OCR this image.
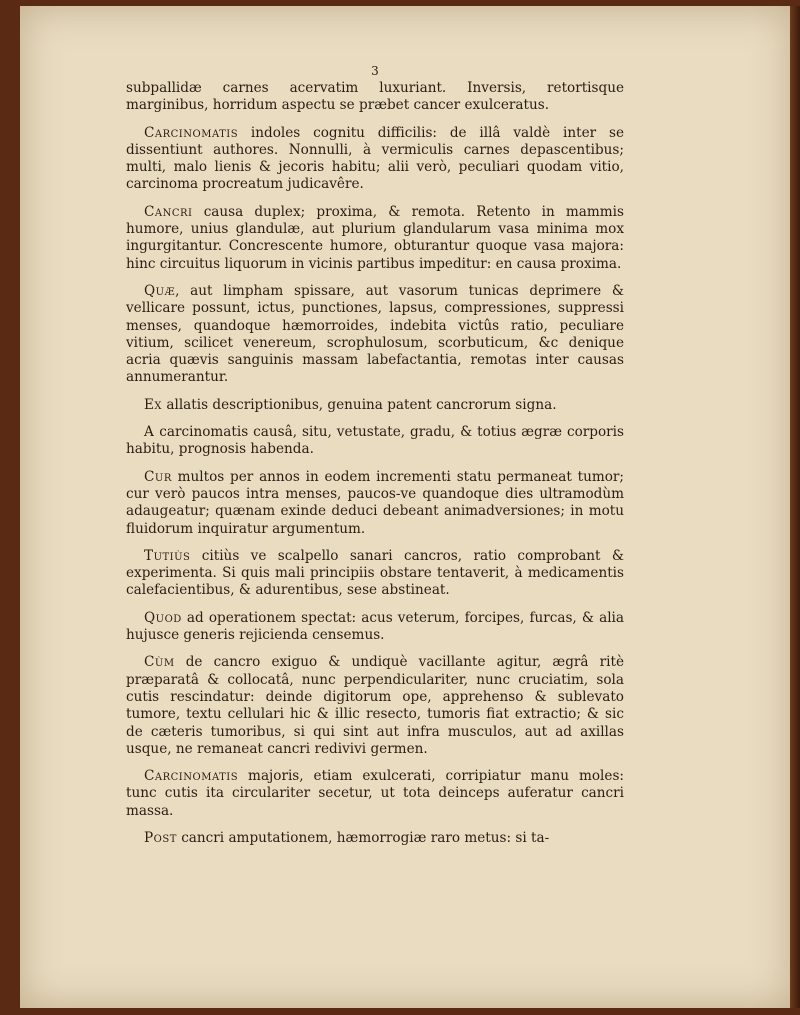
3

subpallidæ carnes acervatim luxuriant. Inversis, retortisque marginibus, horridum aspectu se præbet cancer exulceratus.

Carcinomatis indoles cognitu difficilis: de illâ valdè inter se dissentiunt authores. Nonnulli, à vermiculis carnes depascentibus; multi, malo lienis & jecoris habitu; alii verò, peculiari quodam vitio, carcinoma procreatum judicavêre.

Cancri causa duplex; proxima, & remota. Retento in mammis humore, unius glandulæ, aut plurium glandularum vasa minima mox ingurgitantur. Concrescente humore, obturantur quoque vasa majora: hinc circuitus liquorum in vicinis partibus impeditur: en causa proxima.

Quæ, aut limpham spissare, aut vasorum tunicas deprimere & vellicare possunt, ictus, punctiones, lapsus, compressiones, suppressi menses, quandoque hæmorroides, indebita victûs ratio, peculiare vitium, scilicet venereum, scrophulosum, scorbuticum, &c denique acria quævis sanguinis massam labefactantia, remotas inter causas annumerantur.

Ex allatis descriptionibus, genuina patent cancrorum signa.

A carcinomatis causâ, situ, vetustate, gradu, & totius ægræ corporis habitu, prognosis habenda.

Cur multos per annos in eodem incrementi statu permaneat tumor; cur verò paucos intra menses, paucos-ve quandoque dies ultramodùm adaugeatur; quænam exinde deduci debeant animadversiones; in motu fluidorum inquiratur argumentum.

Tutiùs citiùs ve scalpello sanari cancros, ratio comprobant & experimenta. Si quis mali principiis obstare tentaverit, à medicamentis calefacientibus, & adurentibus, sese abstineat.

Quod ad operationem spectat: acus veterum, forcipes, furcas, & alia hujusce generis rejicienda censemus.

Cùm de cancro exiguo & undiquè vacillante agitur, ægrâ ritè præparatâ & collocatâ, nunc perpendiculariter, nunc cruciatim, sola cutis rescindatur: deinde digitorum ope, apprehenso & sublevato tumore, textu cellulari hic & illic resecto, tumoris fiat extractio; & sic de cæteris tumoribus, si qui sint aut infra musculos, aut ad axillas usque, ne remaneat cancri redivivi germen.

Carcinomatis majoris, etiam exulcerati, corripiatur manu moles: tunc cutis ita circulariter secetur, ut tota deinceps auferatur cancri massa.

Post cancri amputationem, hæmorrogiæ raro metus: si ta-
